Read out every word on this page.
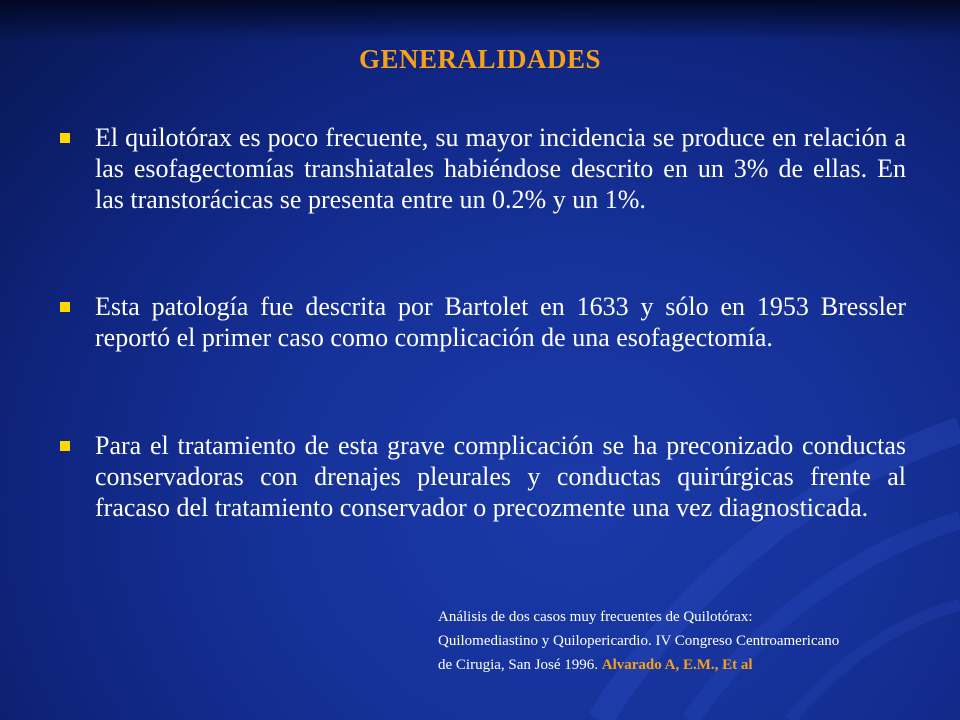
GENERALIDADES
El quilotórax es poco frecuente, su mayor incidencia se produce en relación a las esofagectomías transhiatales habiéndose descrito en un 3% de ellas. En las transtorácicas se presenta entre un 0.2% y un 1%.
Esta patología fue descrita por Bartolet en 1633 y sólo en 1953 Bressler reportó el primer caso como complicación de una esofagectomía.
Para el tratamiento de esta grave complicación se ha preconizado conductas conservadoras con drenajes pleurales y conductas quirúrgicas frente al fracaso del tratamiento conservador o precozmente una vez diagnosticada.
Análisis de dos casos muy frecuentes de Quilotórax:
Quilomediastino y Quilopericardio. IV Congreso Centroamericano
de Cirugia, San José 1996. Alvarado A, E.M., Et al
